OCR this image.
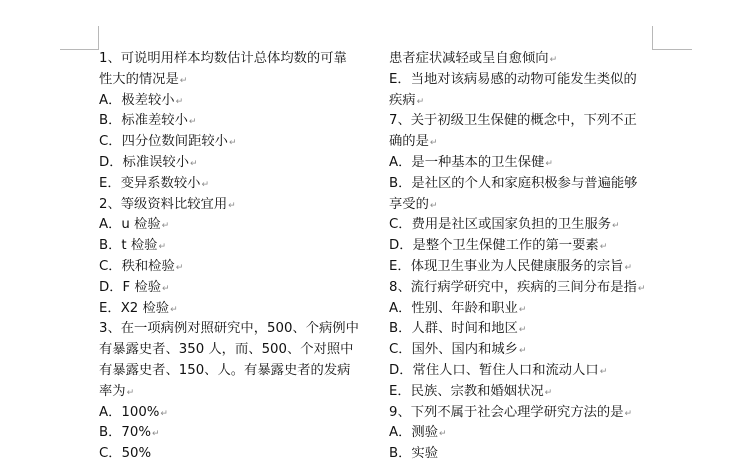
1、可说明用样本均数估计总体均数的可靠
性大的情况是↵
A．极差较小↵
B．标准差较小↵
C．四分位数间距较小↵
D．标准误较小↵
E．变异系数较小↵
2、等级资料比较宜用↵
A．u 检验↵
B．t 检验↵
C．秩和检验↵
D．F 检验↵
E．X2 检验↵
3、在一项病例对照研究中，500、个病例中
有暴露史者、350 人，而、500、个对照中
有暴露史者、150、人。有暴露史者的发病
率为↵
A．100%↵
B．70%↵
C．50%
患者症状减轻或呈自愈倾向↵
E．当地对该病易感的动物可能发生类似的
疾病↵
7、关于初级卫生保健的概念中，下列不正
确的是↵
A．是一种基本的卫生保健↵
B．是社区的个人和家庭积极参与普遍能够
享受的↵
C．费用是社区或国家负担的卫生服务↵
D．是整个卫生保健工作的第一要素↵
E．体现卫生事业为人民健康服务的宗旨↵
8、流行病学研究中，疾病的三间分布是指↵
A．性别、年龄和职业↵
B．人群、时间和地区↵
C．国外、国内和城乡↵
D．常住人口、暂住人口和流动人口↵
E．民族、宗教和婚姻状况↵
9、下列不属于社会心理学研究方法的是↵
A．测验↵
B．实验
